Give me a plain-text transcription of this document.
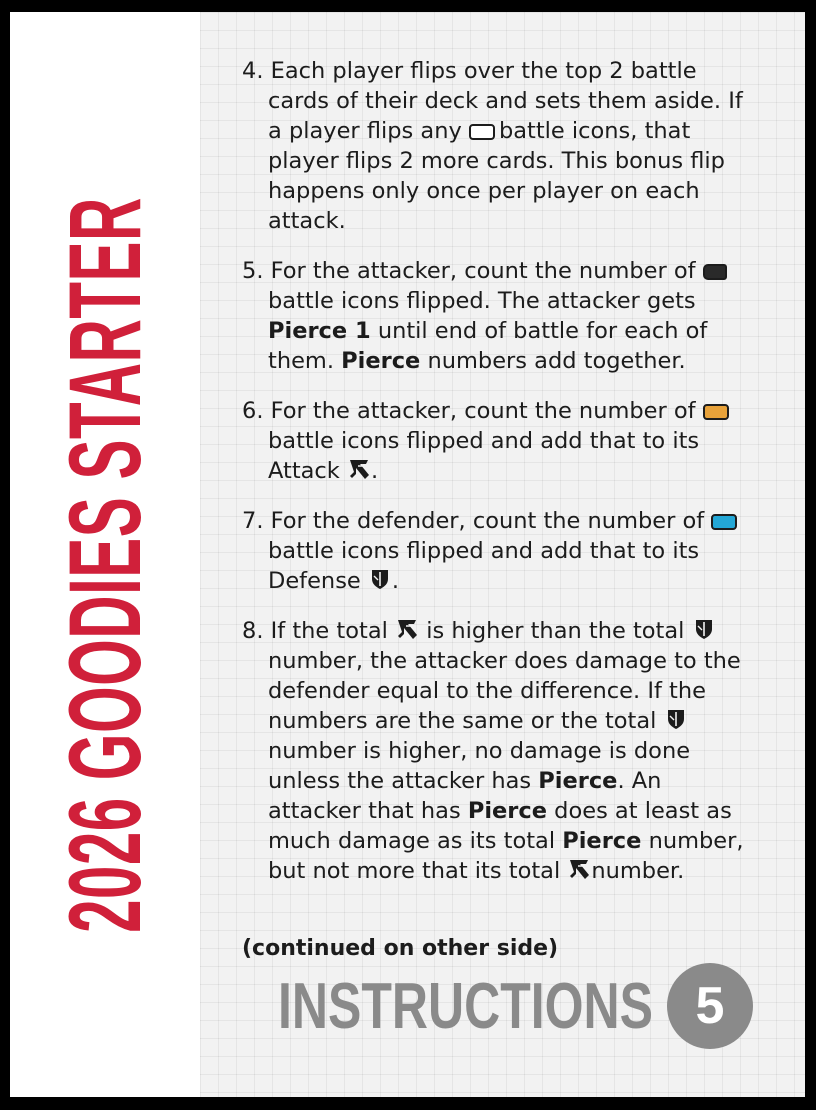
2026 GOODIES STARTER
4. Each player flips over the top 2 battle cards of their deck and sets them aside. If a player flips any battle icons, that player flips 2 more cards. This bonus flip happens only once per player on each attack.
5. For the attacker, count the number of battle icons flipped. The attacker gets Pierce 1 until end of battle for each of them. Pierce numbers add together.
6. For the attacker, count the number of battle icons flipped and add that to its Attack .
7. For the defender, count the number of battle icons flipped and add that to its Defense .
8. If the total is higher than the total  number, the attacker does damage to the defender equal to the difference. If the numbers are the same or the total  number is higher, no damage is done unless the attacker has Pierce. An attacker that has Pierce does at least as much damage as its total Pierce number, but not more that its total number.
(continued on other side)
INSTRUCTIONS 5
